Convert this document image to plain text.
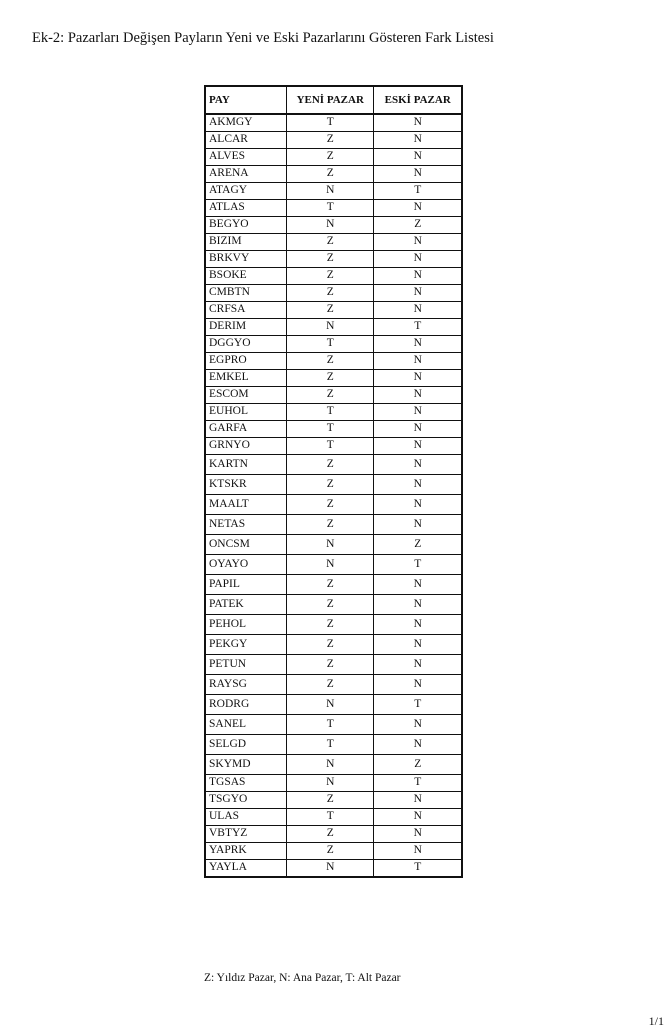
Ek-2: Pazarları Değişen Payların Yeni ve Eski Pazarlarını Gösteren Fark Listesi
PAY	YENİ PAZAR	ESKİ PAZAR
AKMGY	T	N
ALCAR	Z	N
ALVES	Z	N
ARENA	Z	N
ATAGY	N	T
ATLAS	T	N
BEGYO	N	Z
BIZIM	Z	N
BRKVY	Z	N
BSOKE	Z	N
CMBTN	Z	N
CRFSA	Z	N
DERIM	N	T
DGGYO	T	N
EGPRO	Z	N
EMKEL	Z	N
ESCOM	Z	N
EUHOL	T	N
GARFA	T	N
GRNYO	T	N
KARTN	Z	N
KTSKR	Z	N
MAALT	Z	N
NETAS	Z	N
ONCSM	N	Z
OYAYO	N	T
PAPIL	Z	N
PATEK	Z	N
PEHOL	Z	N
PEKGY	Z	N
PETUN	Z	N
RAYSG	Z	N
RODRG	N	T
SANEL	T	N
SELGD	T	N
SKYMD	N	Z
TGSAS	N	T
TSGYO	Z	N
ULAS	T	N
VBTYZ	Z	N
YAPRK	Z	N
YAYLA	N	T
Z: Yıldız Pazar, N: Ana Pazar, T: Alt Pazar
1/1
